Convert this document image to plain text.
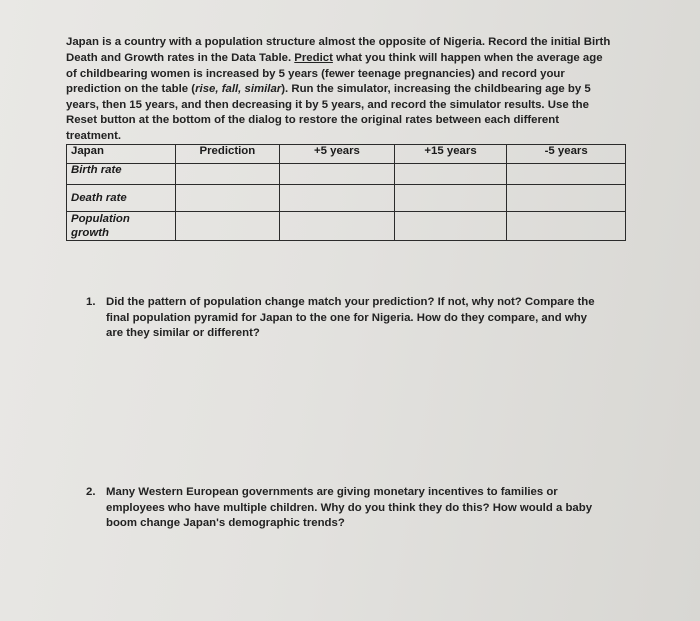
Japan is a country with a population structure almost the opposite of Nigeria. Record the initial Birth Death and Growth rates in the Data Table. Predict what you think will happen when the average age of childbearing women is increased by 5 years (fewer teenage pregnancies) and record your prediction on the table (rise, fall, similar). Run the simulator, increasing the childbearing age by 5 years, then 15 years, and then decreasing it by 5 years, and record the simulator results. Use the Reset button at the bottom of the dialog to restore the original rates between each different treatment.

Japan	Prediction	+5 years	+15 years	-5 years
Birth rate				
Death rate				
Population growth				
1. Did the pattern of population change match your prediction? If not, why not? Compare the final population pyramid for Japan to the one for Nigeria. How do they compare, and why are they similar or different?
2. Many Western European governments are giving monetary incentives to families or employees who have multiple children. Why do you think they do this? How would a baby boom change Japan's demographic trends?
